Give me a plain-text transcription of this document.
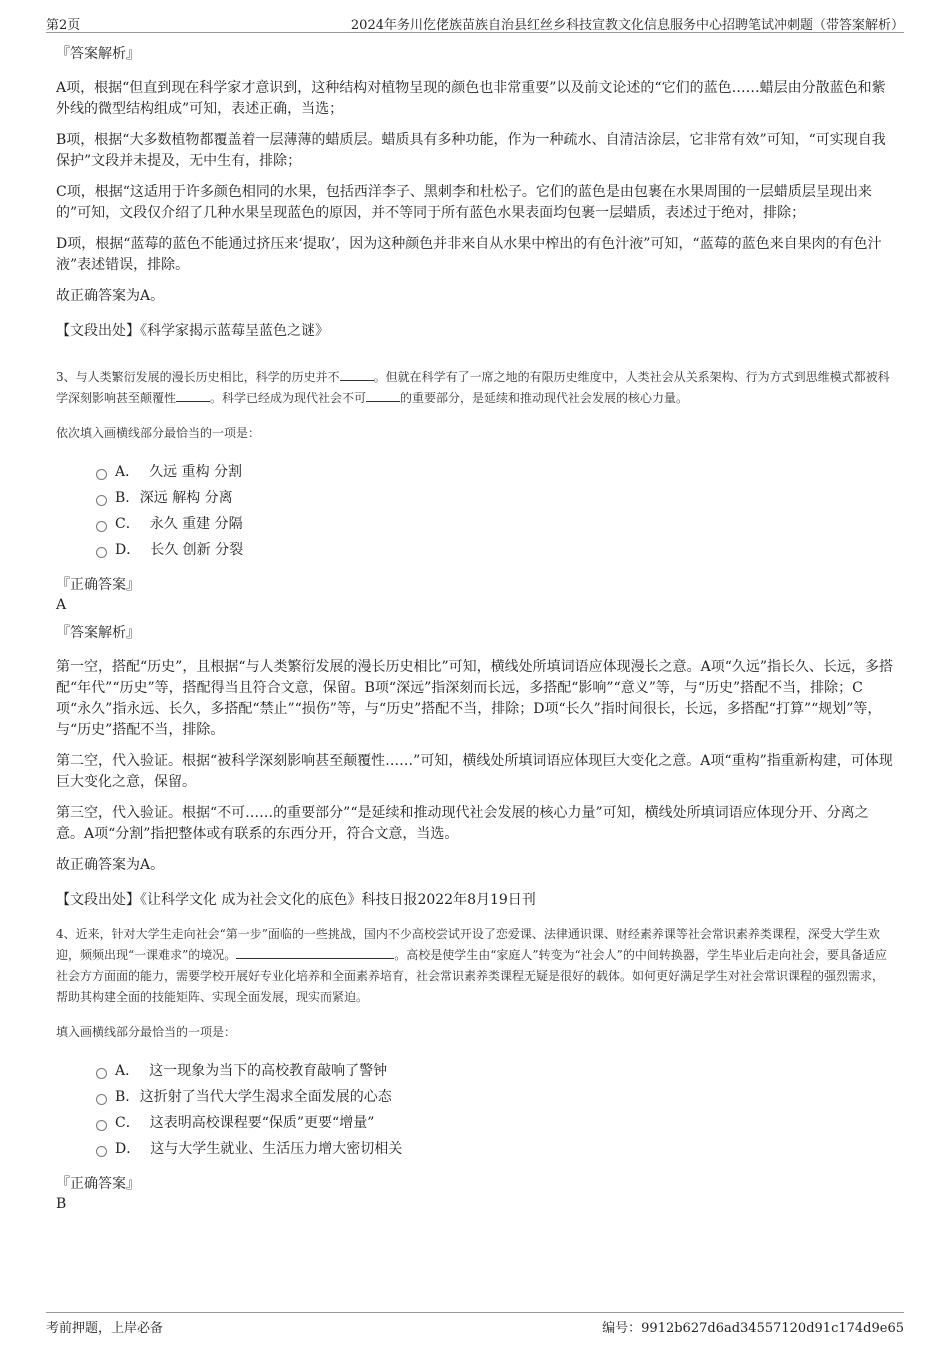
第2页	2024年务川仡佬族苗族自治县红丝乡科技宣教文化信息服务中心招聘笔试冲刺题（带答案解析）

『答案解析』

A项，根据“但直到现在科学家才意识到，这种结构对植物呈现的颜色也非常重要”以及前文论述的“它们的蓝色……蜡层由分散蓝色和紫外线的微型结构组成”可知，表述正确，当选；

B项，根据“大多数植物都覆盖着一层薄薄的蜡质层。蜡质具有多种功能，作为一种疏水、自清洁涂层，它非常有效”可知，“可实现自我保护”文段并未提及，无中生有，排除；

C项，根据“这适用于许多颜色相同的水果，包括西洋李子、黑刺李和杜松子。它们的蓝色是由包裹在水果周围的一层蜡质层呈现出来的”可知，文段仅介绍了几种水果呈现蓝色的原因，并不等同于所有蓝色水果表面均包裹一层蜡质，表述过于绝对，排除；

D项，根据“蓝莓的蓝色不能通过挤压来‘提取’，因为这种颜色并非来自从水果中榨出的有色汁液”可知，“蓝莓的蓝色来自果肉的有色汁液”表述错误，排除。

故正确答案为A。

【文段出处】《科学家揭示蓝莓呈蓝色之谜》

3、与人类繁衍发展的漫长历史相比，科学的历史并不	。但就在科学有了一席之地的有限历史维度中，人类社会从关系架构、行为方式到思维模式都被科学深刻影响甚至颠覆性	。科学已经成为现代社会不可	的重要部分，是延续和推动现代社会发展的核心力量。

依次填入画横线部分最恰当的一项是：

A． 久远 重构 分割
B. 深远 解构 分离
C． 永久 重建 分隔
D． 长久 创新 分裂

『正确答案』

A

『答案解析』

第一空，搭配“历史”，且根据“与人类繁衍发展的漫长历史相比”可知，横线处所填词语应体现漫长之意。A项“久远”指长久、长远，多搭配“年代”“历史”等，搭配得当且符合文意，保留。B项“深远”指深刻而长远，多搭配“影响”“意义”等，与“历史”搭配不当，排除；C项“永久”指永远、长久，多搭配“禁止”“损伤”等，与“历史”搭配不当，排除；D项“长久”指时间很长，长远，多搭配“打算”“规划”等，与“历史”搭配不当，排除。

第二空，代入验证。根据“被科学深刻影响甚至颠覆性……”可知，横线处所填词语应体现巨大变化之意。A项“重构”指重新构建，可体现巨大变化之意，保留。

第三空，代入验证。根据“不可……的重要部分”“是延续和推动现代社会发展的核心力量”可知，横线处所填词语应体现分开、分离之意。A项“分割”指把整体或有联系的东西分开，符合文意，当选。

故正确答案为A。

【文段出处】《让科学文化 成为社会文化的底色》科技日报2022年8月19日刊

4、近来，针对大学生走向社会“第一步”面临的一些挑战，国内不少高校尝试开设了恋爱课、法律通识课、财经素养课等社会常识素养类课程，深受大学生欢迎，频频出现“一课难求”的境况。	。高校是使学生由“家庭人”转变为“社会人”的中间转换器，学生毕业后走向社会，要具备适应社会方方面面的能力，需要学校开展好专业化培养和全面素养培育，社会常识素养类课程无疑是很好的载体。如何更好满足学生对社会常识课程的强烈需求，帮助其构建全面的技能矩阵、实现全面发展，现实而紧迫。

填入画横线部分最恰当的一项是：

A． 这一现象为当下的高校教育敲响了警钟
B. 这折射了当代大学生渴求全面发展的心态
C． 这表明高校课程要“保质”更要“增量”
D． 这与大学生就业、生活压力增大密切相关

『正确答案』

B

考前押题，上岸必备	编号：9912b627d6ad34557120d91c174d9e65
